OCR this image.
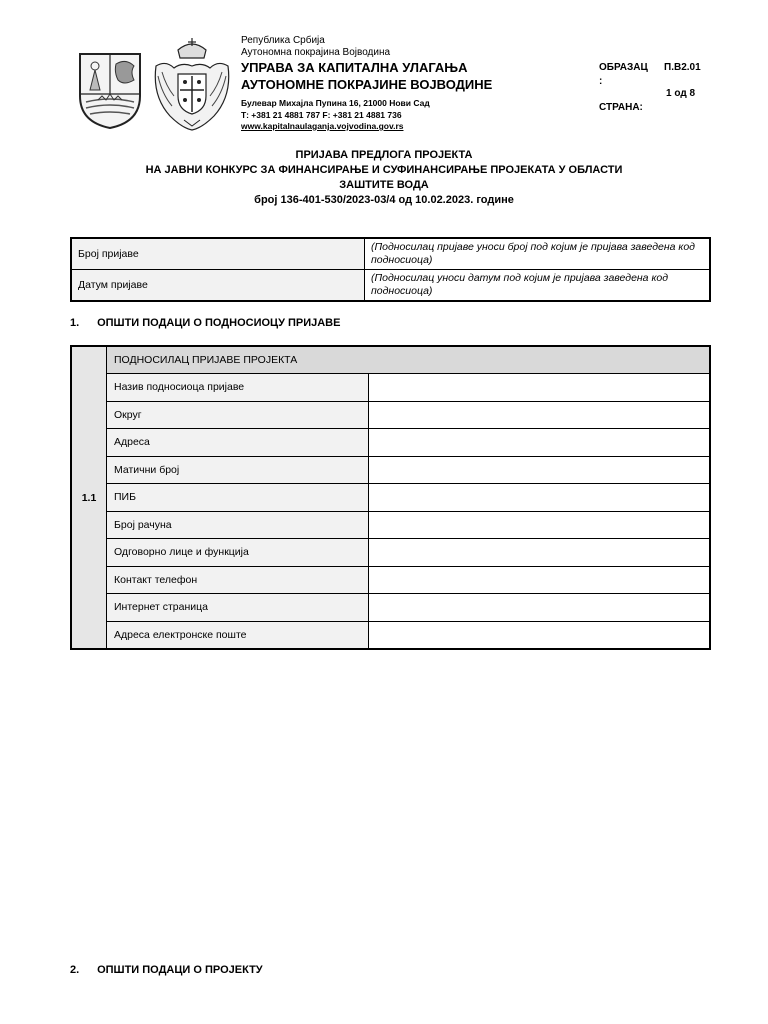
Република Србија
Аутономна покрајина Војводина
УПРАВА ЗА КАПИТАЛНА УЛАГАЊА
АУТОНОМНЕ ПОКРАЈИНЕ ВОЈВОДИНЕ
Булевар Михајла Пупина 16, 21000 Нови Сад
Т: +381 21 4881 787 F: +381 21 4881 736
www.kapitalnaulaganja.vojvodina.gov.rs
ОБРАЗАЦ
:
П.В2.01
1 од 8
СТРАНА:
ПРИЈАВА ПРЕДЛОГА ПРОЈЕКТА
НА ЈАВНИ КОНКУРС ЗА ФИНАНСИРАЊЕ И СУФИНАНСИРАЊЕ ПРОЈЕКАТА У ОБЛАСТИ
ЗАШТИТЕ ВОДА
број 136-401-530/2023-03/4 од 10.02.2023. године
Број пријаве	(Подносилац пријаве уноси број под којим је пријава заведена код подносиоца)
Датум пријаве	(Подносилац уноси датум под којим је пријава заведена код подносиоца)
1. ОПШТИ ПОДАЦИ О ПОДНОСИОЦУ ПРИЈАВЕ
1.1	ПОДНОСИЛАЦ ПРИЈАВЕ ПРОЈЕКТА	
	Назив подносиоца пријаве	
	Округ	
	Адреса	
	Матични број	
	ПИБ	
	Број рачуна	
	Одговорно лице и функција	
	Контакт телефон	
	Интернет страница	
	Адреса електронске поште	
2. ОПШТИ ПОДАЦИ О ПРОЈЕКТУ
